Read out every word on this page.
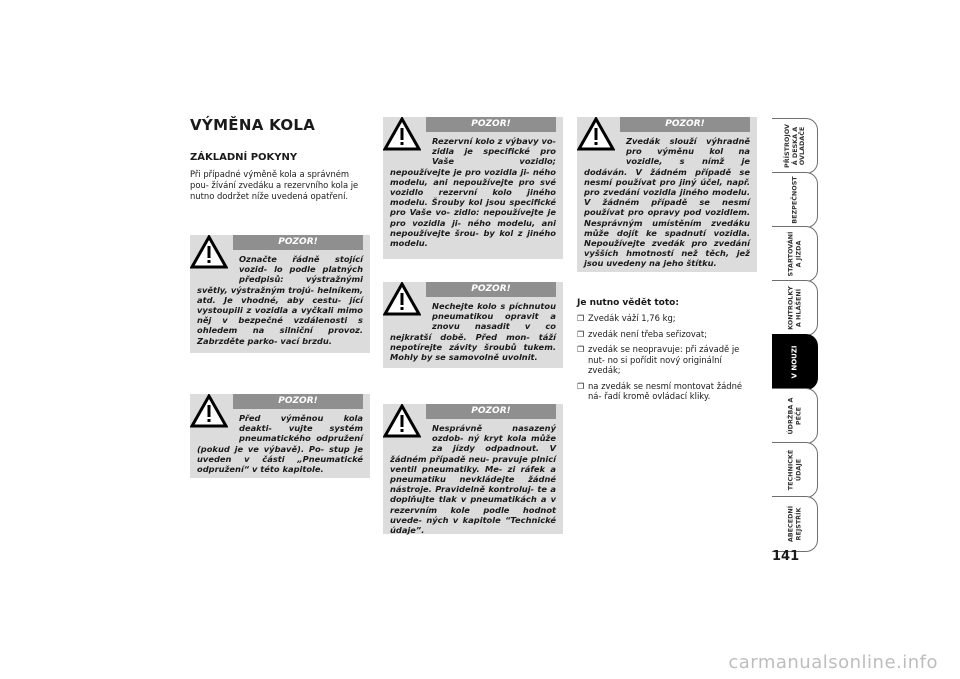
VÝMĚNA KOLA
ZÁKLADNÍ POKYNY
Při případné výměně kola a správném pou- žívání zvedáku a rezervního kola je nutno dodržet níže uvedená opatření.
POZOR!
Označte řádně stojící vozid- lo podle platných předpisů: výstražnými světly, výstražným trojú- helníkem, atd. Je vhodné, aby cestu- jící vystoupili z vozidla a vyčkali mimo něj v bezpečné vzdálenosti s ohledem na silniční provoz. Zabrzděte parko- vací brzdu.
POZOR!
Před výměnou kola deakti- vujte systém pneumatického odpružení (pokud je ve výbavě). Po- stup je uveden v části „Pneumatické odpružení“ v této kapitole.
POZOR!
Rezervní kolo z výbavy vo- zidla je specifické pro Vaše vozidlo; nepoužívejte je pro vozidla ji- ného modelu, ani nepoužívejte pro své vozidlo rezervní kolo jiného modelu. Šrouby kol jsou specifické pro Vaše vo- zidlo: nepoužívejte je pro vozidla ji- ného modelu, ani nepoužívejte šrou- by kol z jiného modelu.
POZOR!
Nechejte kolo s píchnutou pneumatikou opravit a znovu nasadit v co nejkratší době. Před mon- táží nepotírejte závity šroubů tukem. Mohly by se samovolně uvolnit.
POZOR!
Nesprávně nasazený ozdob- ný kryt kola může za jízdy odpadnout. V žádném případě neu- pravuje plnicí ventil pneumatiky. Me- zi ráfek a pneumatiku nevkládejte žádné nástroje. Pravidelně kontroluj- te a doplňujte tlak v pneumatikách a v rezervním kole podle hodnot uvede- ných v kapitole “Technické údaje”.
POZOR!
Zvedák slouží výhradně pro výměnu kol na vozidle, s nímž je dodáván. V žádném případě se nesmí používat pro jiný účel, např. pro zvedání vozidla jiného modelu. V žádném případě se nesmí používat pro opravy pod vozidlem. Nesprávným umístěním zvedáku může dojít ke spadnutí vozidla. Nepoužívejte zvedák pro zvedání vyšších hmotností než těch, jež jsou uvedeny na jeho štítku.
Je nutno vědět toto:
❐ Zvedák váží 1,76 kg;
❐ zvedák není třeba seřizovat;
❐ zvedák se neopravuje: při závadě je nut- no si pořídit nový originální zvedák;
❐ na zvedák se nesmí montovat žádné ná- řadí kromě ovládací kliky.
PŘÍSTROJOV
Á DESKA A
OVLADAČE
BEZPEČNOST
STARTOVÁNÍ
A JÍZDA
KONTROLKY
A HLÁŠENÍ
V NOUZI
ÚDRŽBA A
PÉČE
TECHNICKÉ
ÚDAJE
ABECEDNÍ
REJSTŘÍK
141
carmanualsonline.info
